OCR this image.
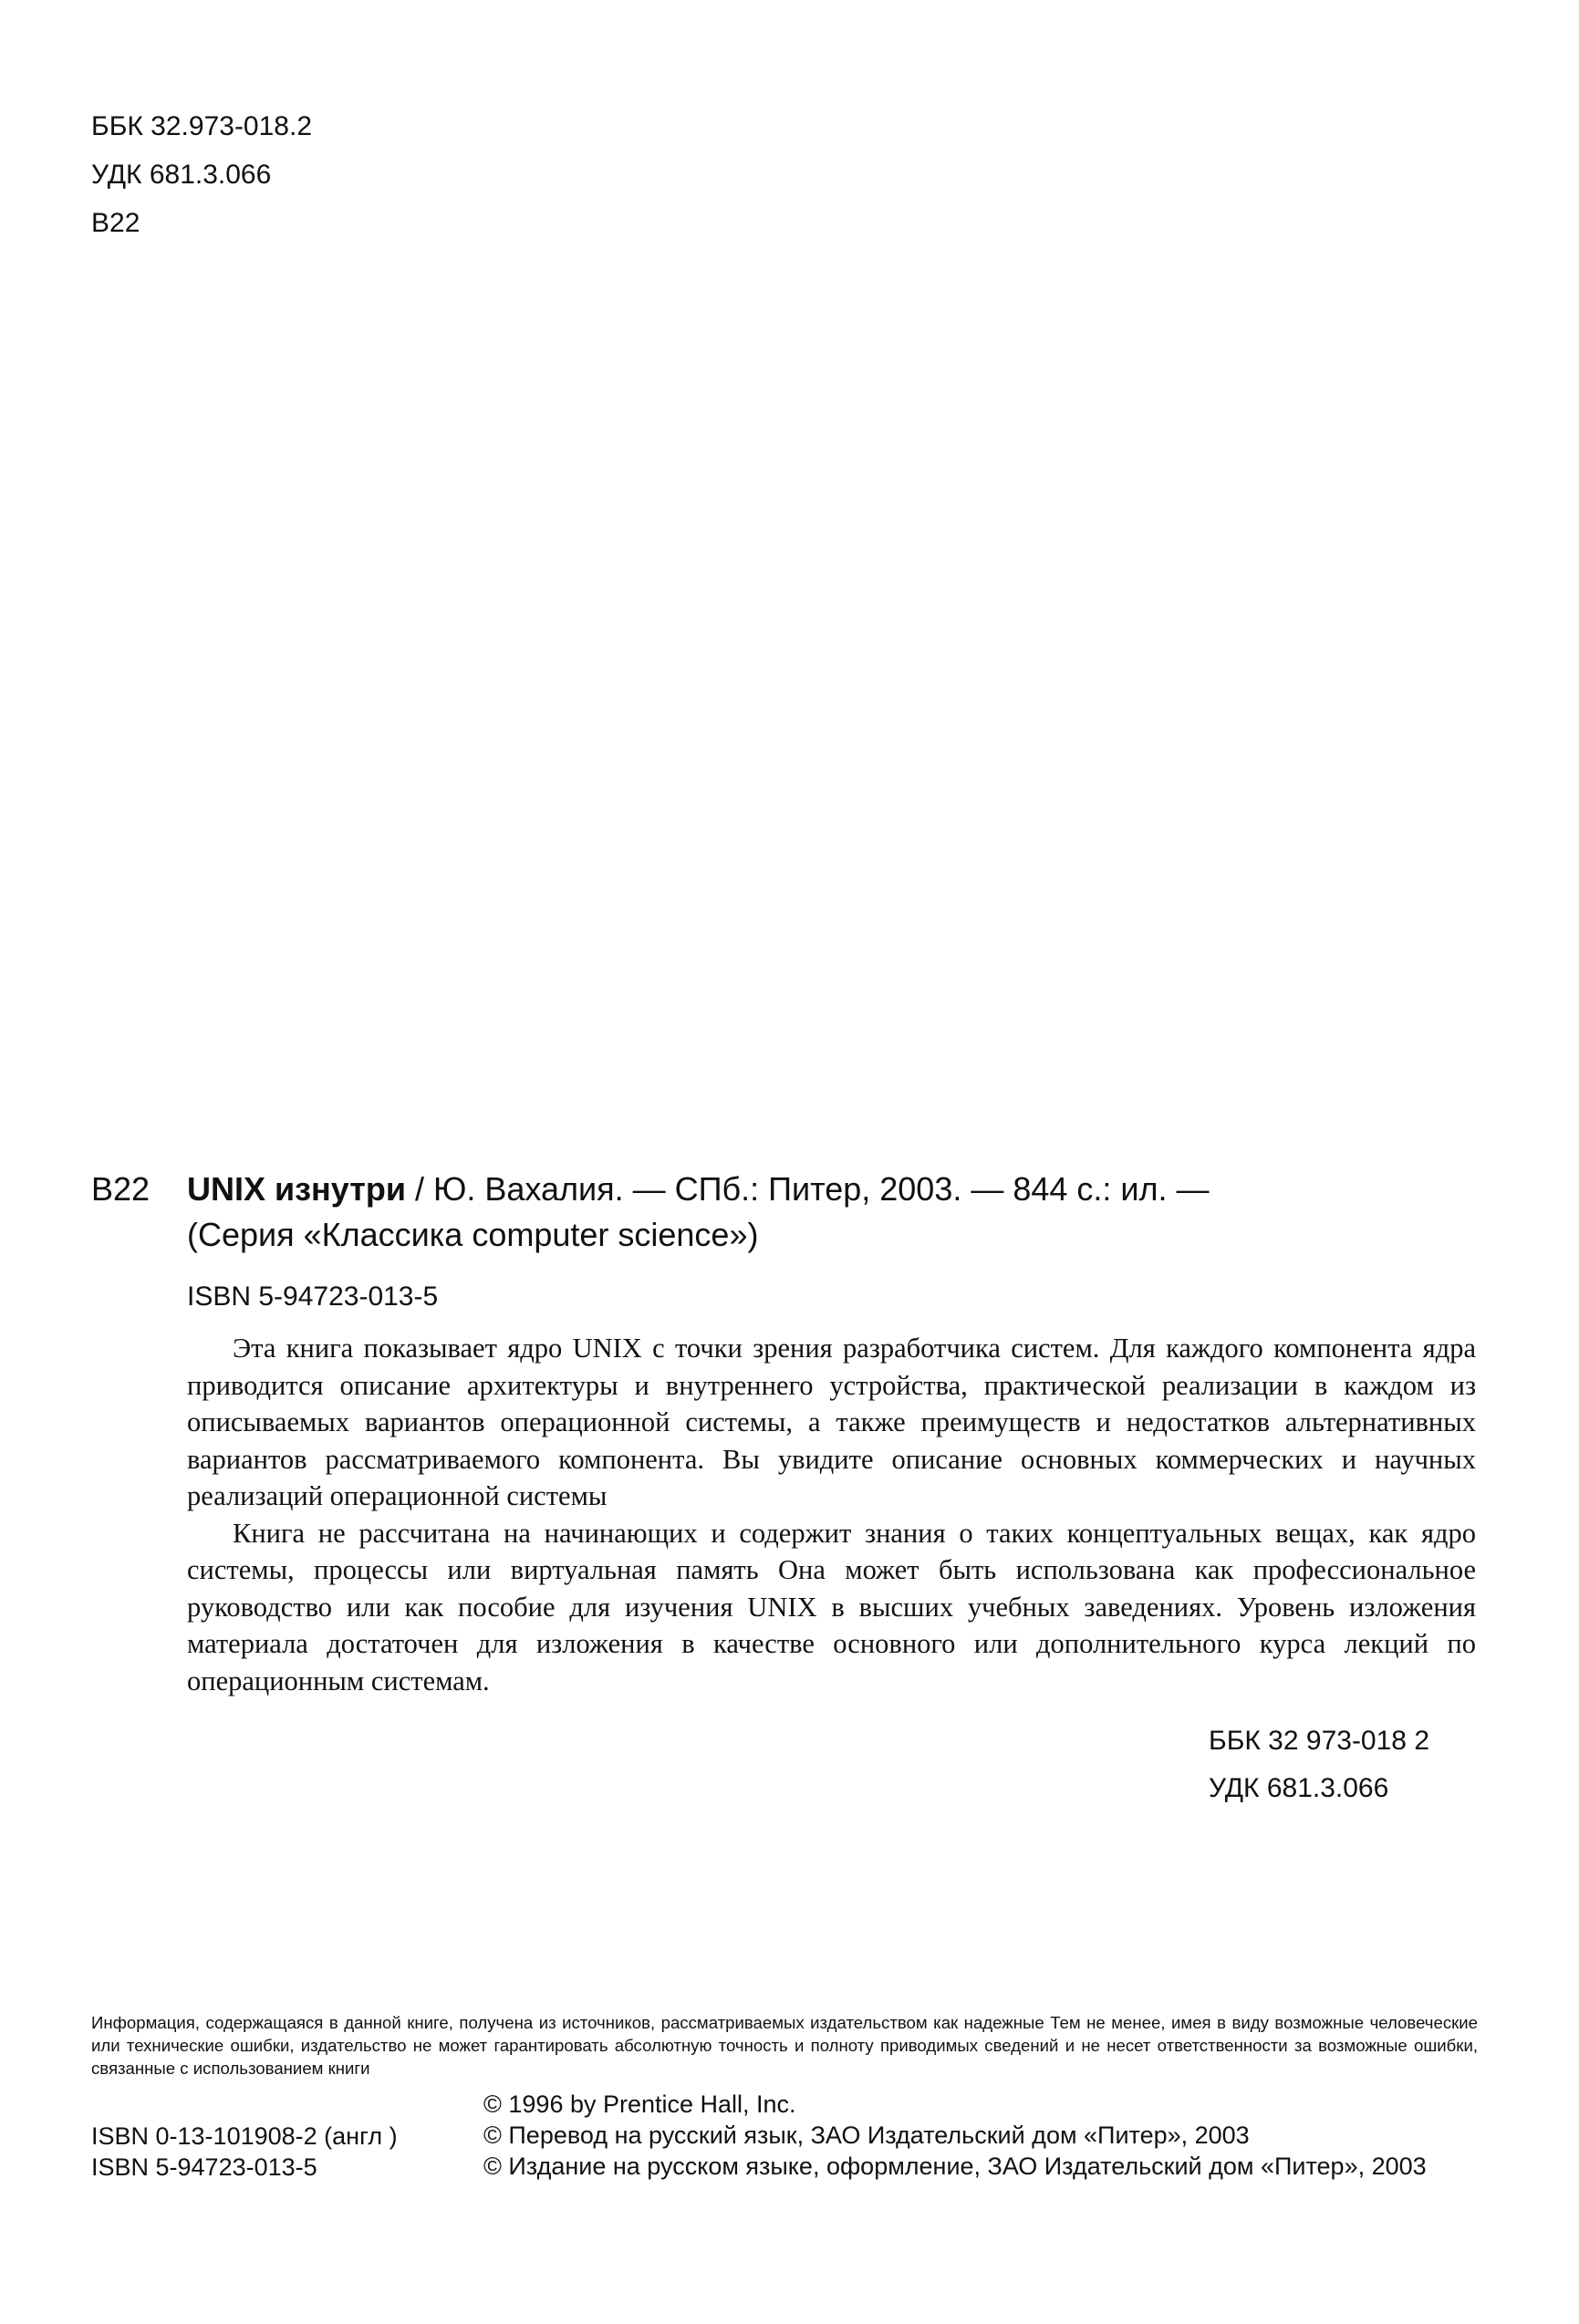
ББК 32.973-018.2
УДК 681.3.066
В22
В22 UNIX изнутри / Ю. Вахалия. — СПб.: Питер, 2003. — 844 с.: ил. —
(Серия «Классика computer science»)
ISBN 5-94723-013-5

Эта книга показывает ядро UNIX с точки зрения разработчика систем. Для каждого компонента ядра приводится описание архитектуры и внутреннего устройства, практической реализации в каждом из описываемых вариантов операционной системы, а также преимуществ и недостатков альтернативных вариантов рассматриваемого компонента. Вы увидите описание основных коммерческих и научных реализаций операционной системы

Книга не рассчитана на начинающих и содержит знания о таких концептуальных вещах, как ядро системы, процессы или виртуальная память Она может быть использована как профессиональное руководство или как пособие для изучения UNIX в высших учебных заведениях. Уровень изложения материала достаточен для изложения в качестве основного или дополнительного курса лекций по операционным системам.

ББК 32 973-018 2
УДК 681.3.066
Информация, содержащаяся в данной книге, получена из источников, рассматриваемых издательством как надежные Тем не менее, имея в виду возможные человеческие или технические ошибки, издательство не может гарантировать абсолютную точность и полноту приводимых сведений и не несет ответственности за возможные ошибки, связанные с использованием книги
ISBN 0-13-101908-2 (англ )
ISBN 5-94723-013-5
© 1996 by Prentice Hall, Inc.
© Перевод на русский язык, ЗАО Издательский дом «Питер», 2003
© Издание на русском языке, оформление, ЗАО Издательский дом «Питер», 2003
